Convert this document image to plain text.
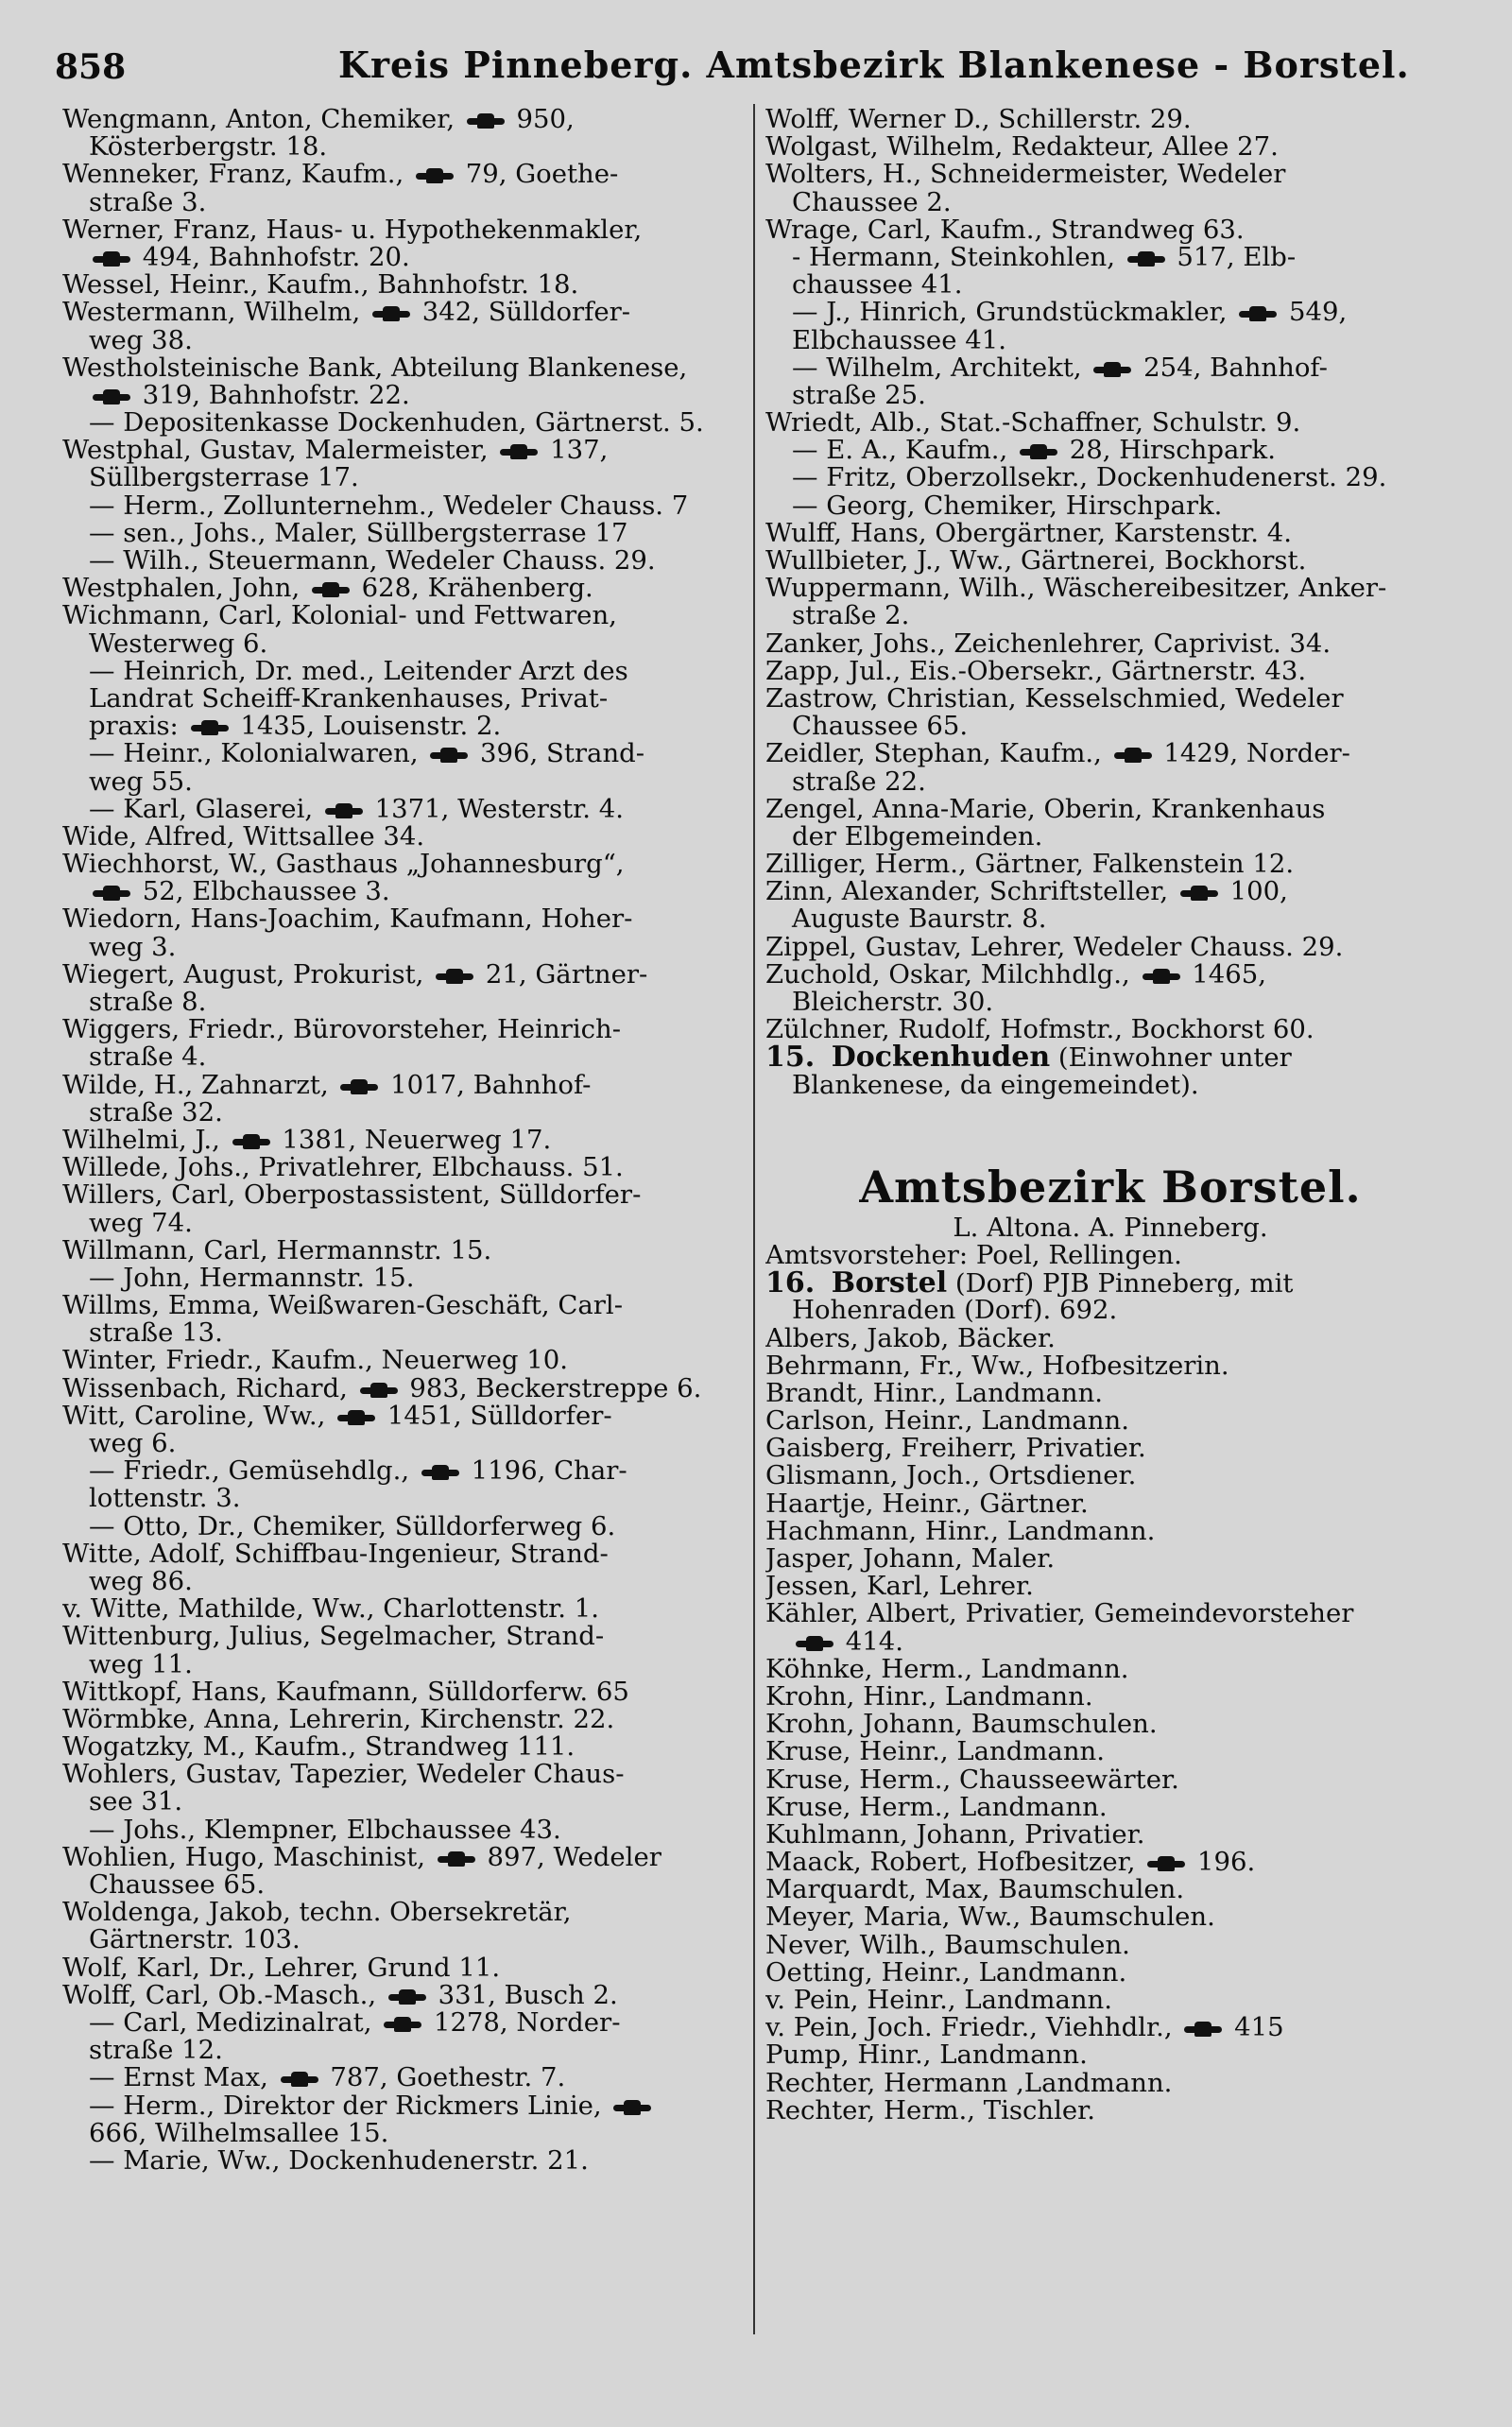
858	Kreis Pinneberg. Amtsbezirk Blankenese - Borstel.
Wengmann, Anton, Chemiker,  950,
Kösterbergstr. 18.
Wenneker, Franz, Kaufm.,  79, Goethe-
straße 3.
Werner, Franz, Haus- u. Hypothekenmakler,
494, Bahnhofstr. 20.
Wessel, Heinr., Kaufm., Bahnhofstr. 18.
Westermann, Wilhelm,  342, Sülldorfer-
weg 38.
Westholsteinische Bank, Abteilung Blankenese,
319, Bahnhofstr. 22.
— Depositenkasse Dockenhuden, Gärtnerst. 5.
Westphal, Gustav, Malermeister,  137,
Süllbergsterrase 17.
— Herm., Zollunternehm., Wedeler Chauss. 7
— sen., Johs., Maler, Süllbergsterrase 17
— Wilh., Steuermann, Wedeler Chauss. 29.
Westphalen, John,  628, Krähenberg.
Wichmann, Carl, Kolonial- und Fettwaren,
Westerweg 6.
— Heinrich, Dr. med., Leitender Arzt des
Landrat Scheiff-Krankenhauses, Privat-
praxis:  1435, Louisenstr. 2.
— Heinr., Kolonialwaren,  396, Strand-
weg 55.
— Karl, Glaserei,  1371, Westerstr. 4.
Wide, Alfred, Wittsallee 34.
Wiechhorst, W., Gasthaus „Johannesburg“,
52, Elbchaussee 3.
Wiedorn, Hans-Joachim, Kaufmann, Hoher-
weg 3.
Wiegert, August, Prokurist,  21, Gärtner-
straße 8.
Wiggers, Friedr., Bürovorsteher, Heinrich-
straße 4.
Wilde, H., Zahnarzt,  1017, Bahnhof-
straße 32.
Wilhelmi, J.,  1381, Neuerweg 17.
Willede, Johs., Privatlehrer, Elbchauss. 51.
Willers, Carl, Oberpostassistent, Sülldorfer-
weg 74.
Willmann, Carl, Hermannstr. 15.
— John, Hermannstr. 15.
Willms, Emma, Weißwaren-Geschäft, Carl-
straße 13.
Winter, Friedr., Kaufm., Neuerweg 10.
Wissenbach, Richard,  983, Beckerstreppe 6.
Witt, Caroline, Ww.,  1451, Sülldorfer-
weg 6.
— Friedr., Gemüsehdlg.,  1196, Char-
lottenstr. 3.
— Otto, Dr., Chemiker, Sülldorferweg 6.
Witte, Adolf, Schiffbau-Ingenieur, Strand-
weg 86.
v. Witte, Mathilde, Ww., Charlottenstr. 1.
Wittenburg, Julius, Segelmacher, Strand-
weg 11.
Wittkopf, Hans, Kaufmann, Sülldorferw. 65
Wörmbke, Anna, Lehrerin, Kirchenstr. 22.
Wogatzky, M., Kaufm., Strandweg 111.
Wohlers, Gustav, Tapezier, Wedeler Chaus-
see 31.
— Johs., Klempner, Elbchaussee 43.
Wohlien, Hugo, Maschinist,  897, Wedeler
Chaussee 65.
Woldenga, Jakob, techn. Obersekretär,
Gärtnerstr. 103.
Wolf, Karl, Dr., Lehrer, Grund 11.
Wolff, Carl, Ob.-Masch.,  331, Busch 2.
— Carl, Medizinalrat,  1278, Norder-
straße 12.
— Ernst Max,  787, Goethestr. 7.
— Herm., Direktor der Rickmers Linie,
666, Wilhelmsallee 15.
— Marie, Ww., Dockenhudenerstr. 21.
Wolff, Werner D., Schillerstr. 29.
Wolgast, Wilhelm, Redakteur, Allee 27.
Wolters, H., Schneidermeister, Wedeler
Chaussee 2.
Wrage, Carl, Kaufm., Strandweg 63.
- Hermann, Steinkohlen,  517, Elb-
chaussee 41.
— J., Hinrich, Grundstückmakler,  549,
Elbchaussee 41.
— Wilhelm, Architekt,  254, Bahnhof-
straße 25.
Wriedt, Alb., Stat.-Schaffner, Schulstr. 9.
— E. A., Kaufm.,  28, Hirschpark.
— Fritz, Oberzollsekr., Dockenhudenerst. 29.
— Georg, Chemiker, Hirschpark.
Wulff, Hans, Obergärtner, Karstenstr. 4.
Wullbieter, J., Ww., Gärtnerei, Bockhorst.
Wuppermann, Wilh., Wäschereibesitzer, Anker-
straße 2.
Zanker, Johs., Zeichenlehrer, Caprivist. 34.
Zapp, Jul., Eis.-Obersekr., Gärtnerstr. 43.
Zastrow, Christian, Kesselschmied, Wedeler
Chaussee 65.
Zeidler, Stephan, Kaufm.,  1429, Norder-
straße 22.
Zengel, Anna-Marie, Oberin, Krankenhaus
der Elbgemeinden.
Zilliger, Herm., Gärtner, Falkenstein 12.
Zinn, Alexander, Schriftsteller,  100,
Auguste Baurstr. 8.
Zippel, Gustav, Lehrer, Wedeler Chauss. 29.
Zuchold, Oskar, Milchhdlg.,  1465,
Bleicherstr. 30.
Zülchner, Rudolf, Hofmstr., Bockhorst 60.
15. Dockenhuden (Einwohner unter
Blankenese, da eingemeindet).
Amtsbezirk Borstel.
L. Altona. A. Pinneberg.
Amtsvorsteher: Poel, Rellingen.
16. Borstel (Dorf) PJB Pinneberg, mit
Hohenraden (Dorf). 692.
Albers, Jakob, Bäcker.
Behrmann, Fr., Ww., Hofbesitzerin.
Brandt, Hinr., Landmann.
Carlson, Heinr., Landmann.
Gaisberg, Freiherr, Privatier.
Glismann, Joch., Ortsdiener.
Haartje, Heinr., Gärtner.
Hachmann, Hinr., Landmann.
Jasper, Johann, Maler.
Jessen, Karl, Lehrer.
Kähler, Albert, Privatier, Gemeindevorsteher
414.
Köhnke, Herm., Landmann.
Krohn, Hinr., Landmann.
Krohn, Johann, Baumschulen.
Kruse, Heinr., Landmann.
Kruse, Herm., Chausseewärter.
Kruse, Herm., Landmann.
Kuhlmann, Johann, Privatier.
Maack, Robert, Hofbesitzer,  196.
Marquardt, Max, Baumschulen.
Meyer, Maria, Ww., Baumschulen.
Never, Wilh., Baumschulen.
Oetting, Heinr., Landmann.
v. Pein, Heinr., Landmann.
v. Pein, Joch. Friedr., Viehhdlr.,  415
Pump, Hinr., Landmann.
Rechter, Hermann ,Landmann.
Rechter, Herm., Tischler.
